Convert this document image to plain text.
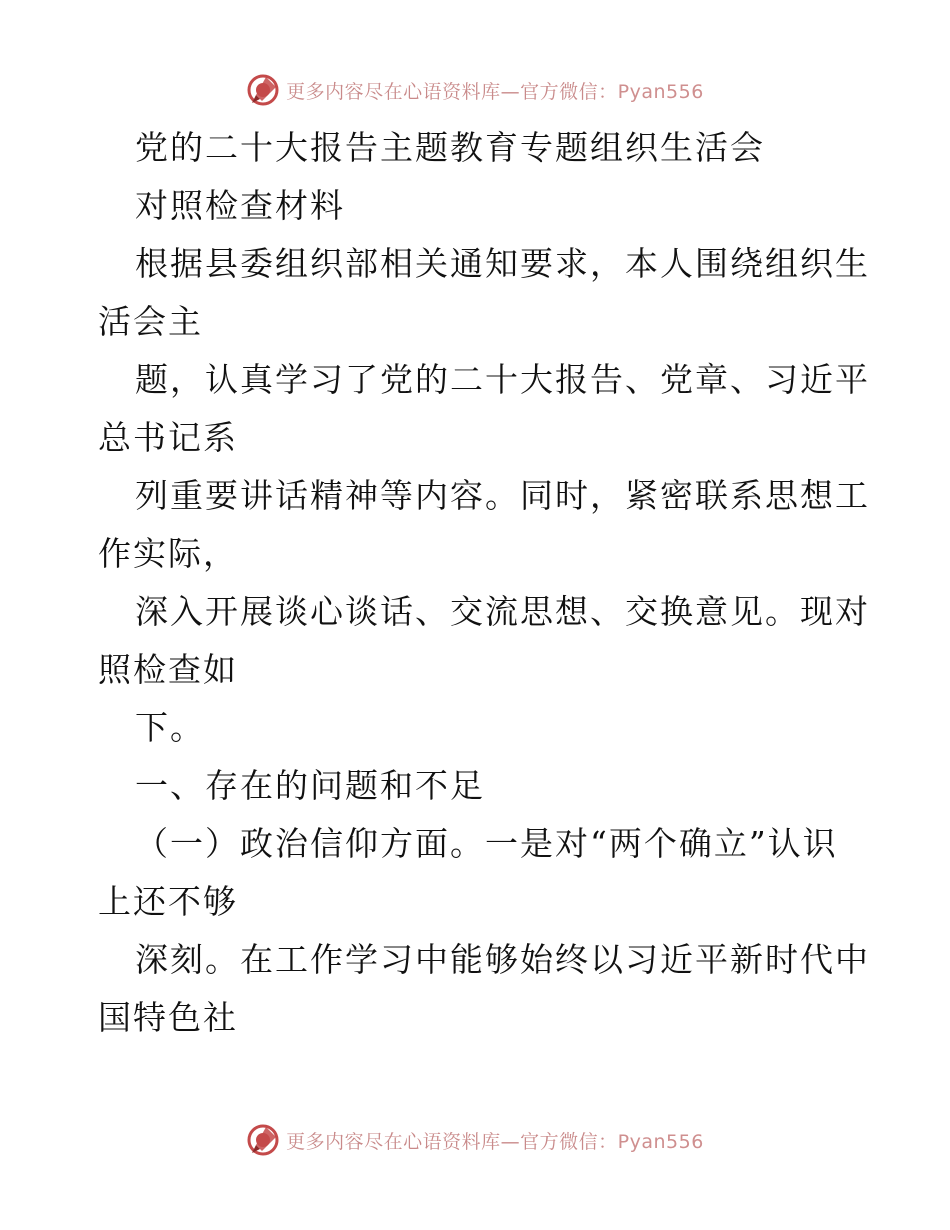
更多内容尽在心语资料库—官方微信：Pyan556
党的二十大报告主题教育专题组织生活会
对照检查材料
根据县委组织部相关通知要求，本人围绕组织生
活会主
题，认真学习了党的二十大报告、党章、习近平
总书记系
列重要讲话精神等内容。同时，紧密联系思想工
作实际，
深入开展谈心谈话、交流思想、交换意见。现对
照检查如
下。
一、存在的问题和不足
（一）政治信仰方面。一是对“两个确立”认识
上还不够
深刻。在工作学习中能够始终以习近平新时代中
国特色社
更多内容尽在心语资料库—官方微信：Pyan556
